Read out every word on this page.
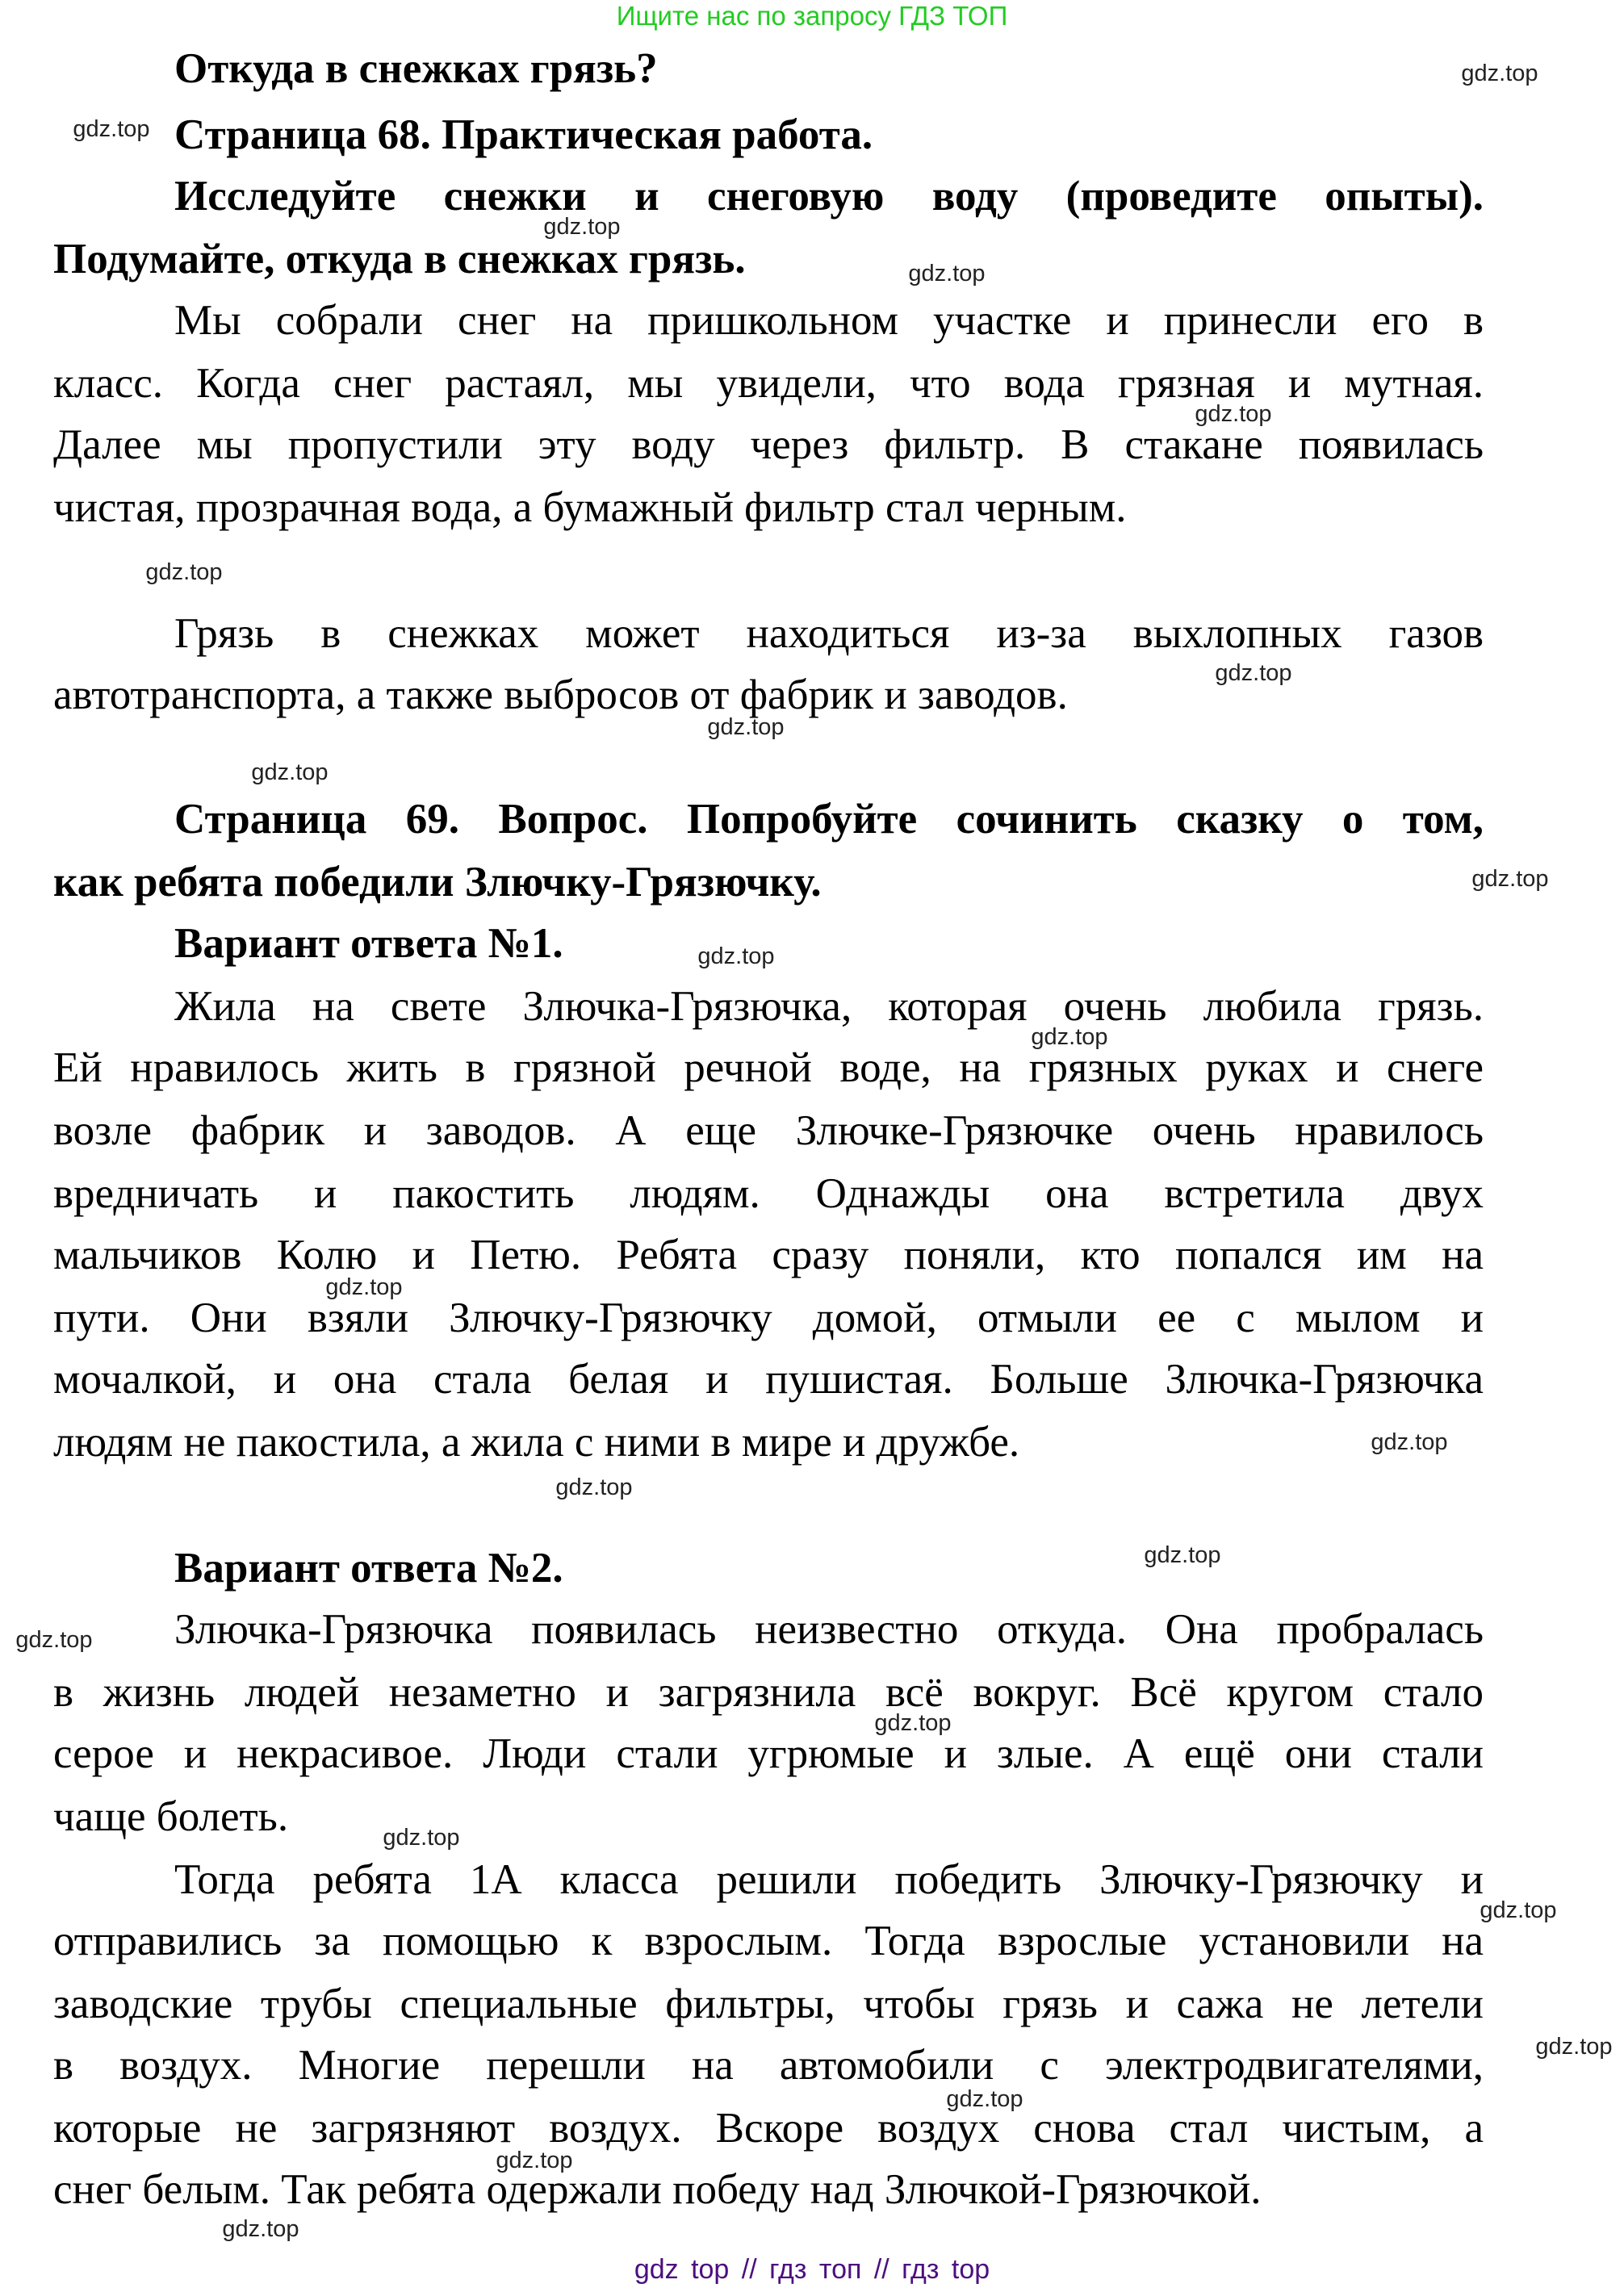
Ищите нас по запросу ГДЗ ТОП
Откуда в снежках грязь?
Страница 68. Практическая работа.
Исследуйте снежки и снеговую воду (проведите опыты).
Подумайте, откуда в снежках грязь.
Мы собрали снег на пришкольном участке и принесли его в
класс. Когда снег растаял, мы увидели, что вода грязная и мутная.
Далее мы пропустили эту воду через фильтр. В стакане появилась
чистая, прозрачная вода, а бумажный фильтр стал черным.
Грязь в снежках может находиться из-за выхлопных газов
автотранспорта, а также выбросов от фабрик и заводов.
Страница 69. Вопрос. Попробуйте сочинить сказку о том,
как ребята победили Злючку-Грязючку.
Вариант ответа №1.
Жила на свете Злючка-Грязючка, которая очень любила грязь.
Ей нравилось жить в грязной речной воде, на грязных руках и снеге
возле фабрик и заводов. А еще Злючке-Грязючке очень нравилось
вредничать и пакостить людям. Однажды она встретила двух
мальчиков Колю и Петю. Ребята сразу поняли, кто попался им на
пути. Они взяли Злючку-Грязючку домой, отмыли ее с мылом и
мочалкой, и она стала белая и пушистая. Больше Злючка-Грязючка
людям не пакостила, а жила с ними в мире и дружбе.
Вариант ответа №2.
Злючка-Грязючка появилась неизвестно откуда. Она пробралась
в жизнь людей незаметно и загрязнила всё вокруг. Всё кругом стало
серое и некрасивое. Люди стали угрюмые и злые. А ещё они стали
чаще болеть.
Тогда ребята 1А класса решили победить Злючку-Грязючку и
отправились за помощью к взрослым. Тогда взрослые установили на
заводские трубы специальные фильтры, чтобы грязь и сажа не летели
в воздух. Многие перешли на автомобили с электродвигателями,
которые не загрязняют воздух. Вскоре воздух снова стал чистым, а
снег белым. Так ребята одержали победу над Злючкой-Грязючкой.
gdz.top
gdz.top
gdz.top
gdz.top
gdz.top
gdz.top
gdz.top
gdz.top
gdz.top
gdz.top
gdz.top
gdz.top
gdz.top
gdz.top
gdz.top
gdz.top
gdz.top
gdz.top
gdz.top
gdz.top
gdz.top
gdz.top
gdz.top
gdz.top
gdz top // гдз топ // гдз top
